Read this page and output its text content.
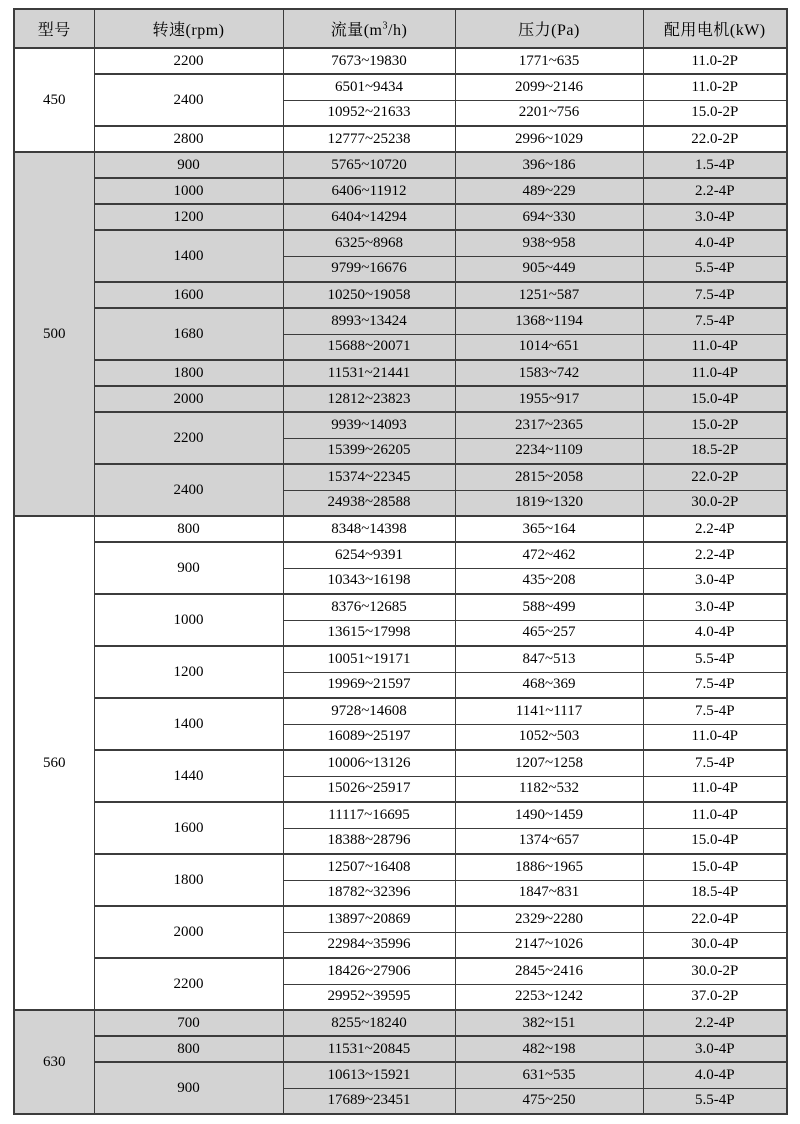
型号	转速(rpm)	流量$(m^3/h)$	压力(Pa)	配用电机(kW)
450	2200	7673~19830	1771~635	11.0-2P
	2400	6501~9434	2099~2146	11.0-2P
		10952~21633	2201~756	15.0-2P
	2800	12777~25238	2996~1029	22.0-2P
500	900	5765~10720	396~186	1.5-4P
	1000	6406~11912	489~229	2.2-4P
	1200	6404~14294	694~330	3.0-4P
	1400	6325~8968	938~958	4.0-4P
		9799~16676	905~449	5.5-4P
	1600	10250~19058	1251~587	7.5-4P
	1680	8993~13424	1368~1194	7.5-4P
		15688~20071	1014~651	11.0-4P
	1800	11531~21441	1583~742	11.0-4P
	2000	12812~23823	1955~917	15.0-4P
	2200	9939~14093	2317~2365	15.0-2P
		15399~26205	2234~1109	18.5-2P
	2400	15374~22345	2815~2058	22.0-2P
		24938~28588	1819~1320	30.0-2P
560	800	8348~14398	365~164	2.2-4P
	900	6254~9391	472~462	2.2-4P
		10343~16198	435~208	3.0-4P
	1000	8376~12685	588~499	3.0-4P
		13615~17998	465~257	4.0-4P
	1200	10051~19171	847~513	5.5-4P
		19969~21597	468~369	7.5-4P
	1400	9728~14608	1141~1117	7.5-4P
		16089~25197	1052~503	11.0-4P
	1440	10006~13126	1207~1258	7.5-4P
		15026~25917	1182~532	11.0-4P
	1600	11117~16695	1490~1459	11.0-4P
		18388~28796	1374~657	15.0-4P
	1800	12507~16408	1886~1965	15.0-4P
		18782~32396	1847~831	18.5-4P
	2000	13897~20869	2329~2280	22.0-4P
		22984~35996	2147~1026	30.0-4P
	2200	18426~27906	2845~2416	30.0-2P
		29952~39595	2253~1242	37.0-2P
630	700	8255~18240	382~151	2.2-4P
	800	11531~20845	482~198	3.0-4P
	900	10613~15921	631~535	4.0-4P
		17689~23451	475~250	5.5-4P
